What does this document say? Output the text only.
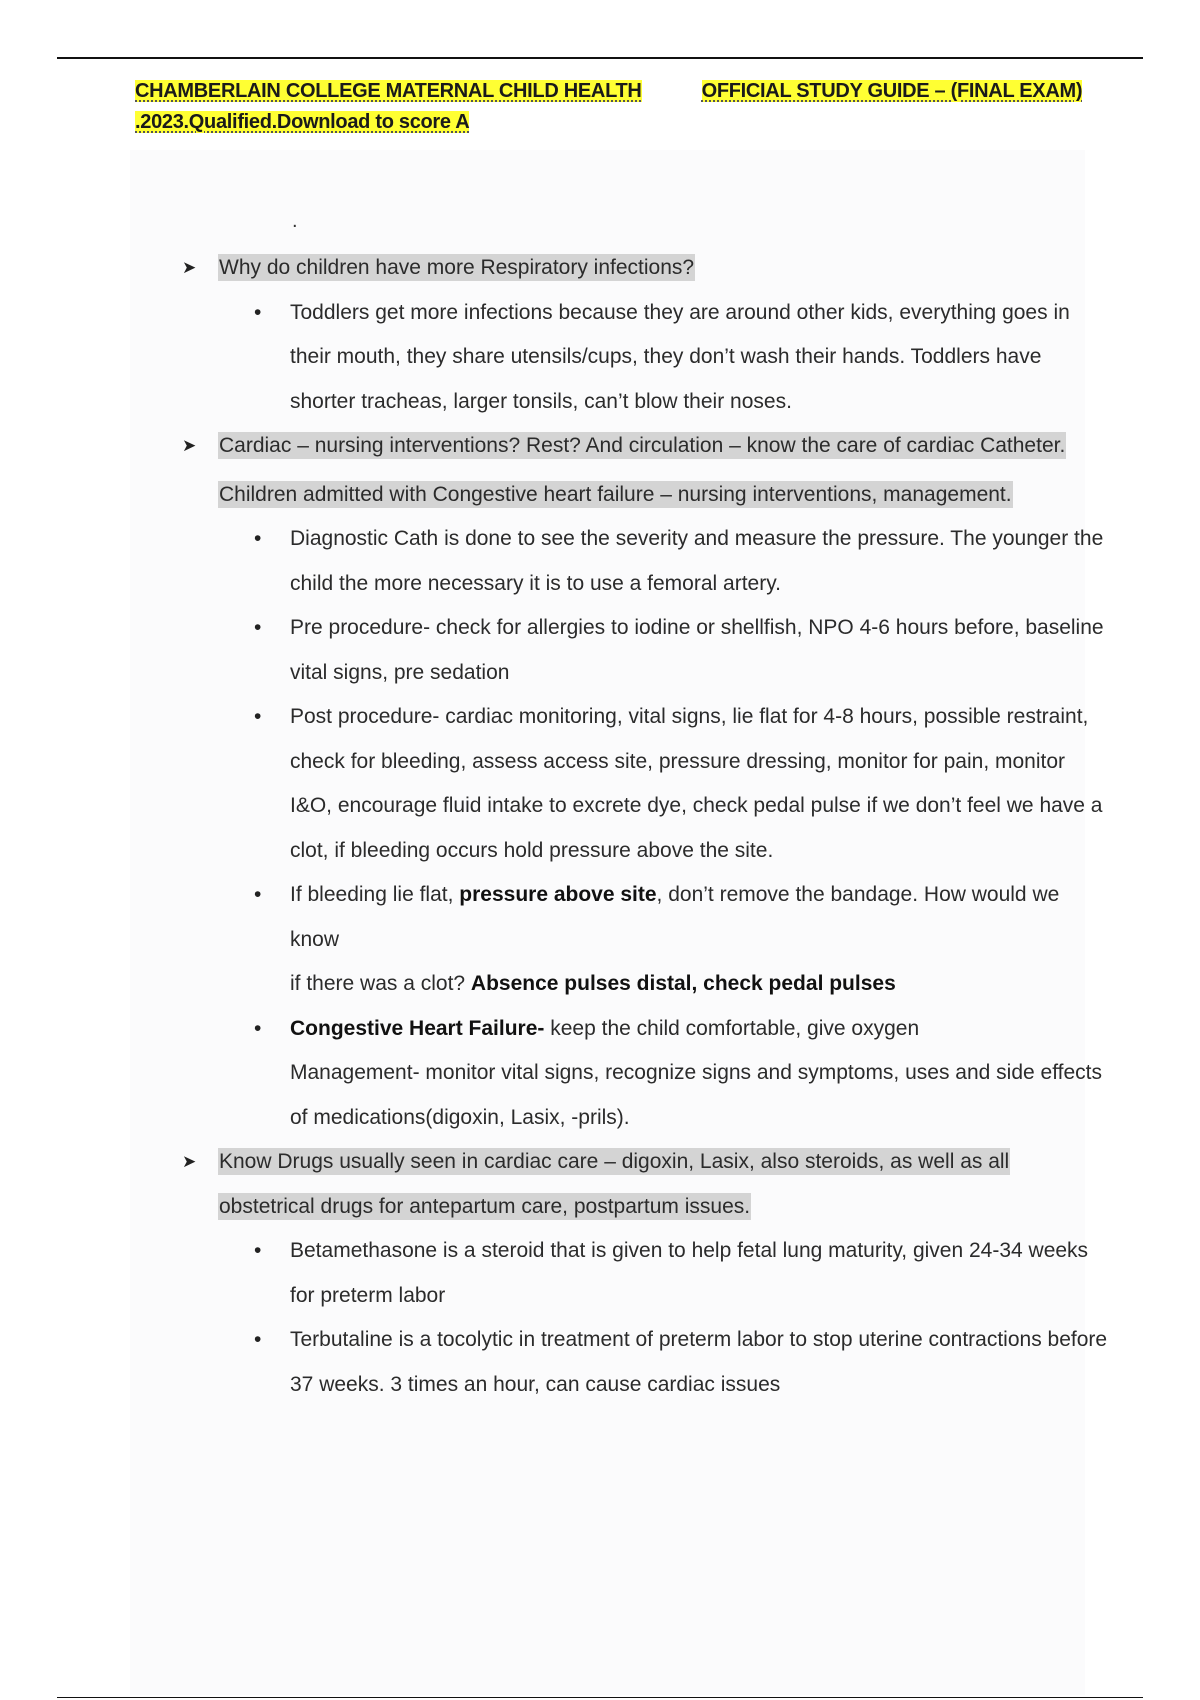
CHAMBERLAIN COLLEGE MATERNAL CHILD HEALTH	OFFICIAL STUDY GUIDE – (FINAL EXAM) .2023.Qualified.Download to score A
.
➤ Why do children have more Respiratory infections?
•
Toddlers get more infections because they are around other kids, everything goes in their mouth, they share utensils/cups, they don’t wash their hands. Toddlers have shorter tracheas, larger tonsils, can’t blow their noses.
➤ Cardiac – nursing interventions? Rest? And circulation – know the care of cardiac Catheter.
Children admitted with Congestive heart failure – nursing interventions, management.
•
Diagnostic Cath is done to see the severity and measure the pressure. The younger the child the more necessary it is to use a femoral artery.
•
Pre procedure- check for allergies to iodine or shellfish, NPO 4-6 hours before, baseline vital signs, pre sedation
•
Post procedure- cardiac monitoring, vital signs, lie flat for 4-8 hours, possible restraint, check for bleeding, assess access site, pressure dressing, monitor for pain, monitor I&O, encourage fluid intake to excrete dye, check pedal pulse if we don’t feel we have a clot, if bleeding occurs hold pressure above the site.
•
If bleeding lie flat, pressure above site, don’t remove the bandage. How would we know
if there was a clot? Absence pulses distal, check pedal pulses
•
Congestive Heart Failure- keep the child comfortable, give oxygen
Management- monitor vital signs, recognize signs and symptoms, uses and side effects of medications(digoxin, Lasix, -prils).
➤ Know Drugs usually seen in cardiac care – digoxin, Lasix, also steroids, as well as all obstetrical drugs for antepartum care, postpartum issues.
•
Betamethasone is a steroid that is given to help fetal lung maturity, given 24-34 weeks
for preterm labor
•
Terbutaline is a tocolytic in treatment of preterm labor to stop uterine contractions before 37 weeks. 3 times an hour, can cause cardiac issues
